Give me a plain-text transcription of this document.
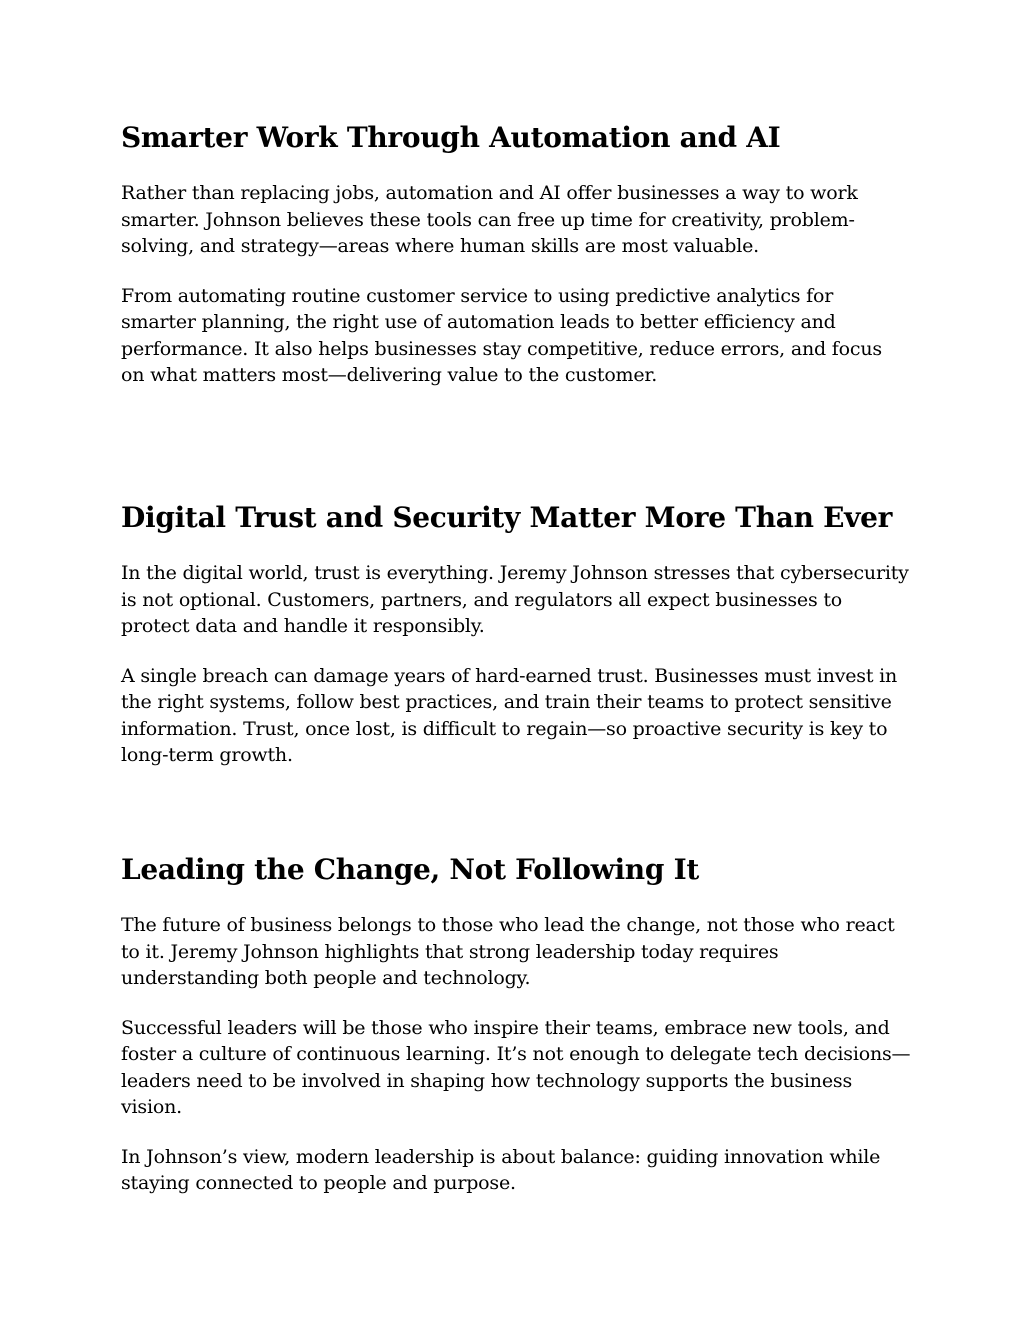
Smarter Work Through Automation and AI

Rather than replacing jobs, automation and AI offer businesses a way to work smarter. Johnson believes these tools can free up time for creativity, problem-solving, and strategy—areas where human skills are most valuable.

From automating routine customer service to using predictive analytics for smarter planning, the right use of automation leads to better efficiency and performance. It also helps businesses stay competitive, reduce errors, and focus on what matters most—delivering value to the customer.

Digital Trust and Security Matter More Than Ever

In the digital world, trust is everything. Jeremy Johnson stresses that cybersecurity is not optional. Customers, partners, and regulators all expect businesses to protect data and handle it responsibly.

A single breach can damage years of hard-earned trust. Businesses must invest in the right systems, follow best practices, and train their teams to protect sensitive information. Trust, once lost, is difficult to regain—so proactive security is key to long-term growth.

Leading the Change, Not Following It

The future of business belongs to those who lead the change, not those who react to it. Jeremy Johnson highlights that strong leadership today requires understanding both people and technology.

Successful leaders will be those who inspire their teams, embrace new tools, and foster a culture of continuous learning. It’s not enough to delegate tech decisions—leaders need to be involved in shaping how technology supports the business vision.

In Johnson’s view, modern leadership is about balance: guiding innovation while staying connected to people and purpose.
